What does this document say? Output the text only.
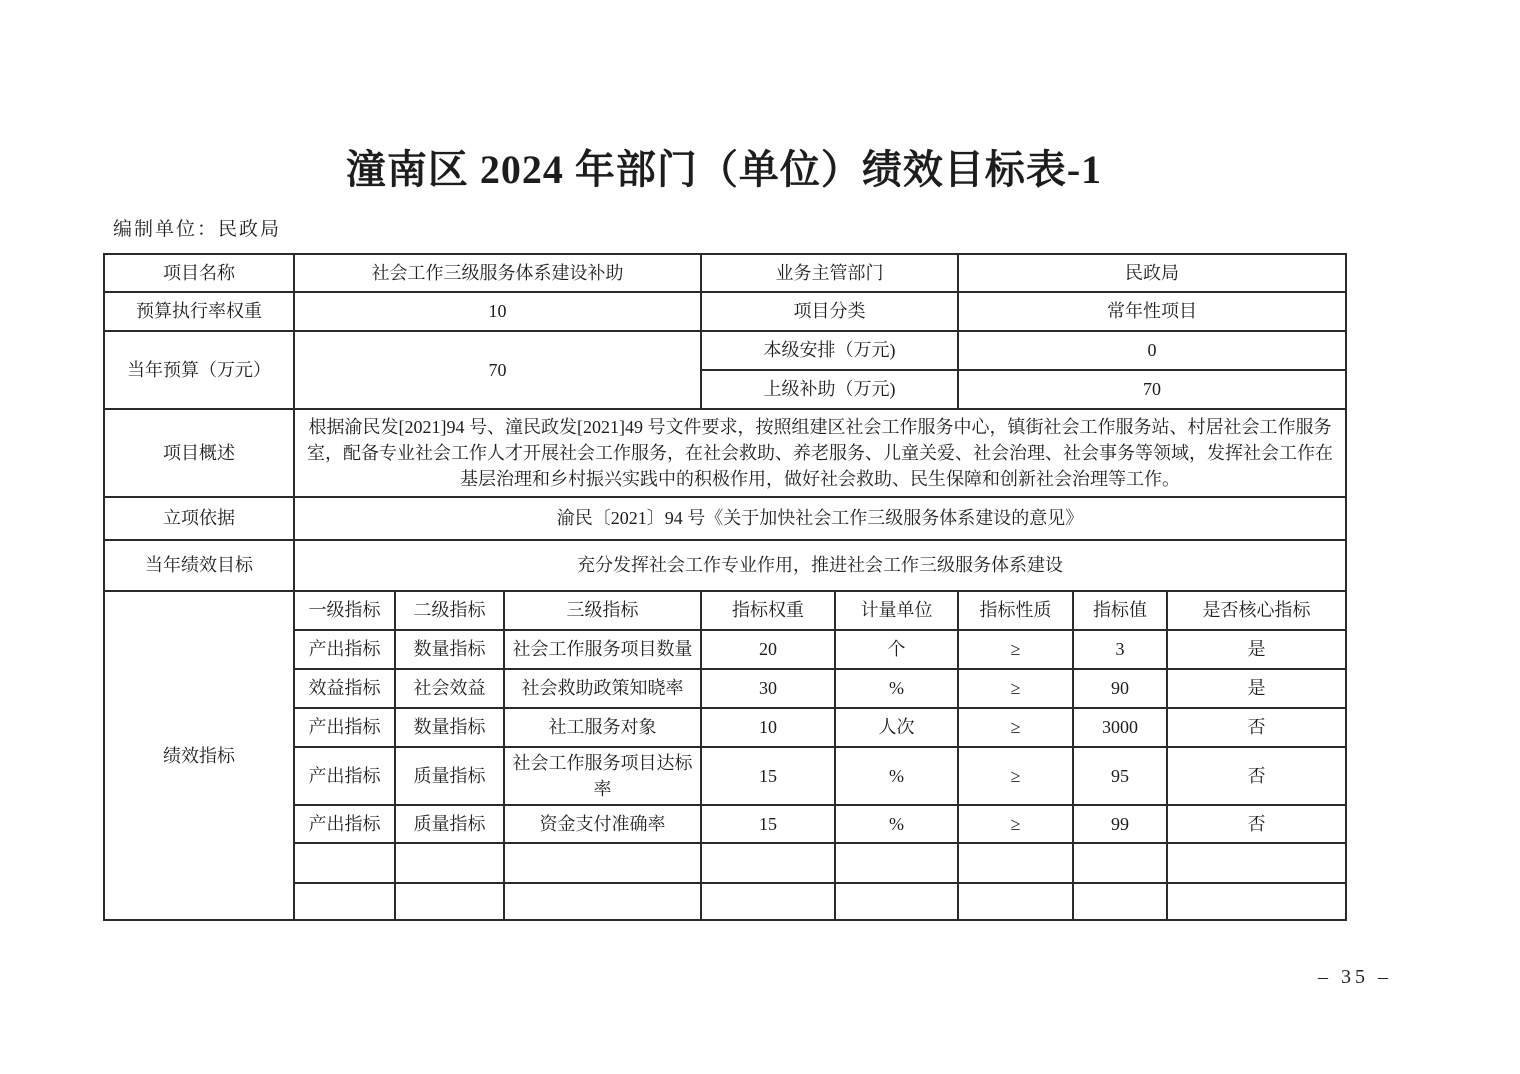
潼南区 2024 年部门（单位）绩效目标表-1
编制单位：民政局
项目名称	社会工作三级服务体系建设补助			业务主管部门		民政局		
预算执行率权重	10			项目分类		常年性项目		
当年预算（万元）	70			本级安排（万元)		0		
				上级补助（万元)		70		
项目概述	根据渝民发[2021]94 号、潼民政发[2021]49 号文件要求，按照组建区社会工作服务中心，镇街社会工作服务站、村居社会工作服务室，配备专业社会工作人才开展社会工作服务，在社会救助、养老服务、儿童关爱、社会治理、社会事务等领域，发挥社会工作在基层治理和乡村振兴实践中的积极作用，做好社会救助、民生保障和创新社会治理等工作。							
立项依据	渝民〔2021〕94 号《关于加快社会工作三级服务体系建设的意见》							
当年绩效目标	充分发挥社会工作专业作用，推进社会工作三级服务体系建设							
绩效指标	一级指标	二级指标	三级指标	指标权重	计量单位	指标性质	指标值	是否核心指标
	产出指标	数量指标	社会工作服务项目数量	20	个	≥	3	是
	效益指标	社会效益	社会救助政策知晓率	30	%	≥	90	是
	产出指标	数量指标	社工服务对象	10	人次	≥	3000	否
	产出指标	质量指标	社会工作服务项目达标率	15	%	≥	95	否
	产出指标	质量指标	资金支付准确率	15	%	≥	99	否

– 35 –
